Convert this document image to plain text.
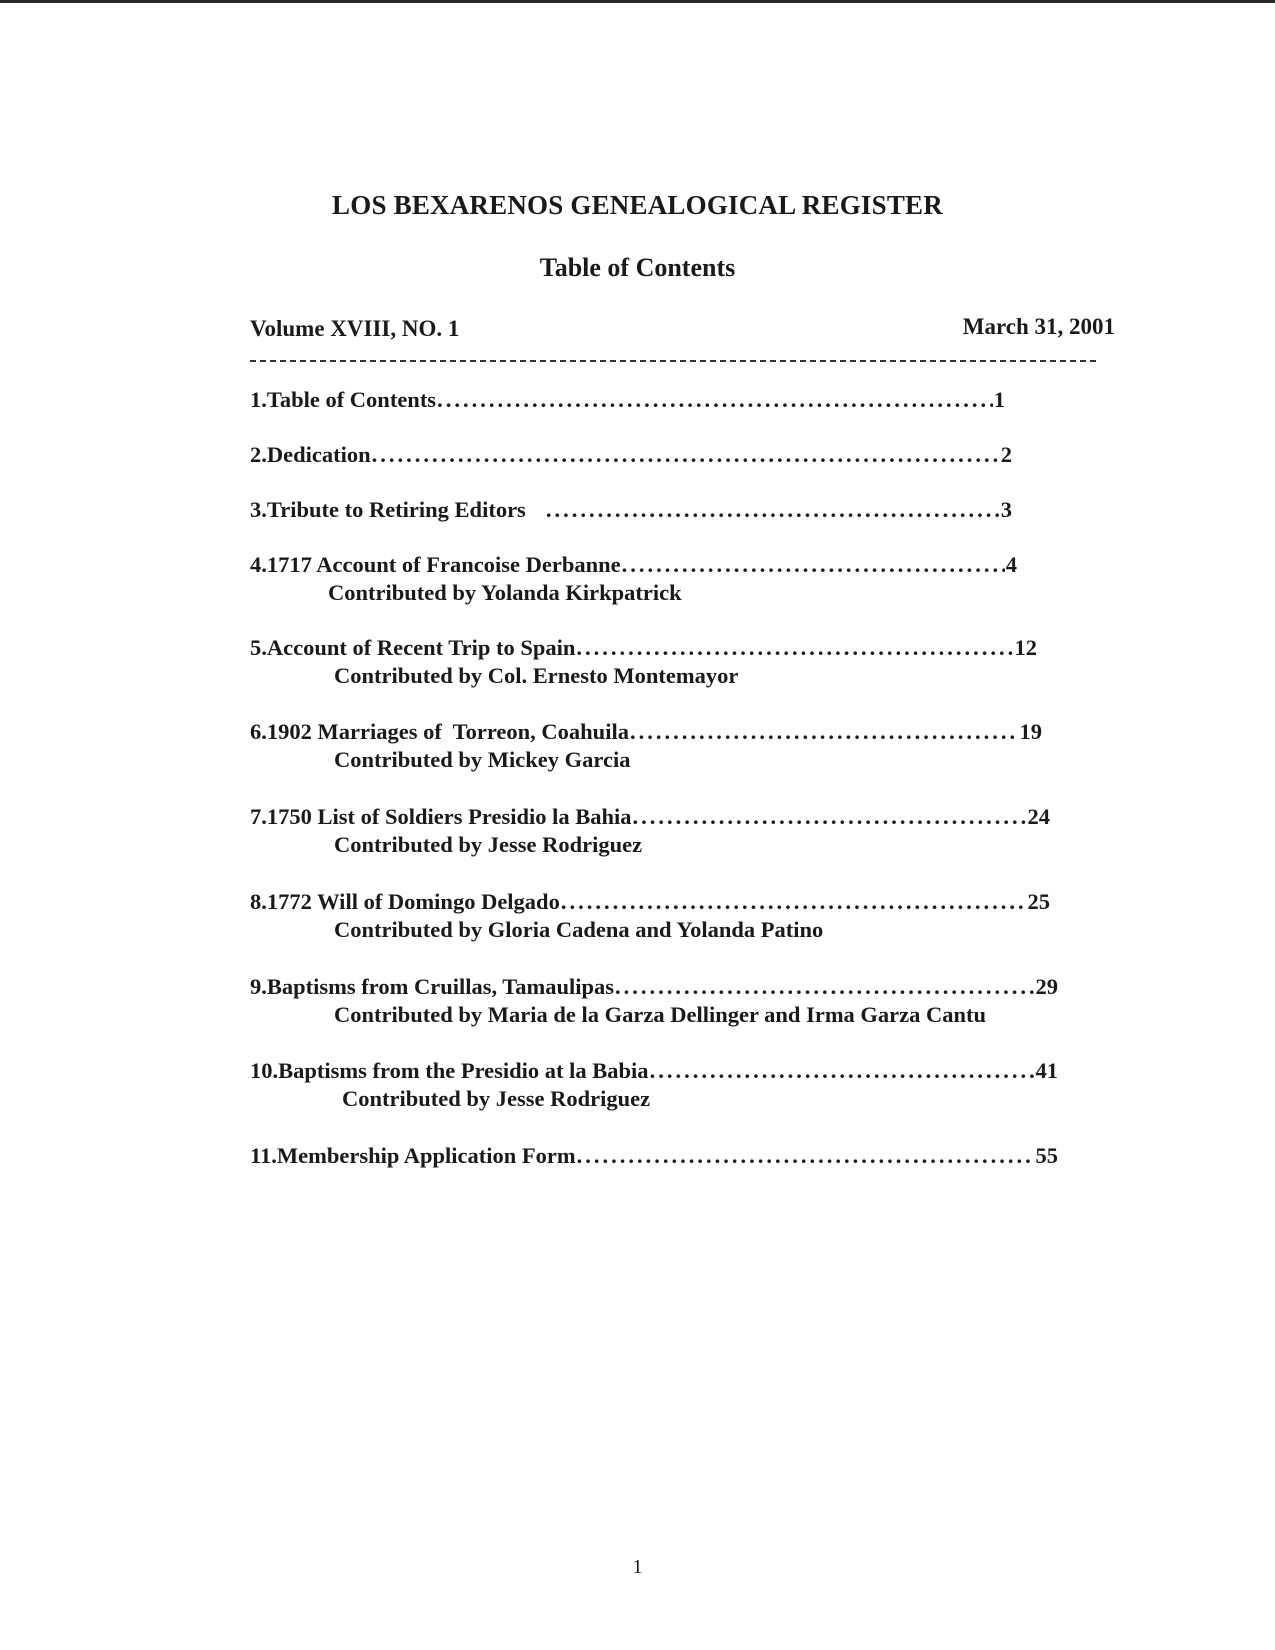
LOS BEXARENOS GENEALOGICAL REGISTER
Table of Contents
Volume XVIII, NO. 1	March 31, 2001
1. Table of Contents .....	1
2. Dedication .....	2
3. Tribute to Retiring Editors .....	3
4. 1717 Account of Francoise Derbanne .....	4
Contributed by Yolanda Kirkpatrick
5. Account of Recent Trip to Spain .....	12
Contributed by Col. Ernesto Montemayor
6. 1902 Marriages of  Torreon, Coahuila .....	19
Contributed by Mickey Garcia
7. 1750 List of Soldiers Presidio la Bahia .....	24
Contributed by Jesse Rodriguez
8. 1772 Will of Domingo Delgado .....	25
Contributed by Gloria Cadena and Yolanda Patino
9. Baptisms from Cruillas, Tamaulipas .....	29
Contributed by Maria de la Garza Dellinger and Irma Garza Cantu
10. Baptisms from the Presidio at la Babia .....	41
Contributed by Jesse Rodriguez
11. Membership Application Form .....	55
1
